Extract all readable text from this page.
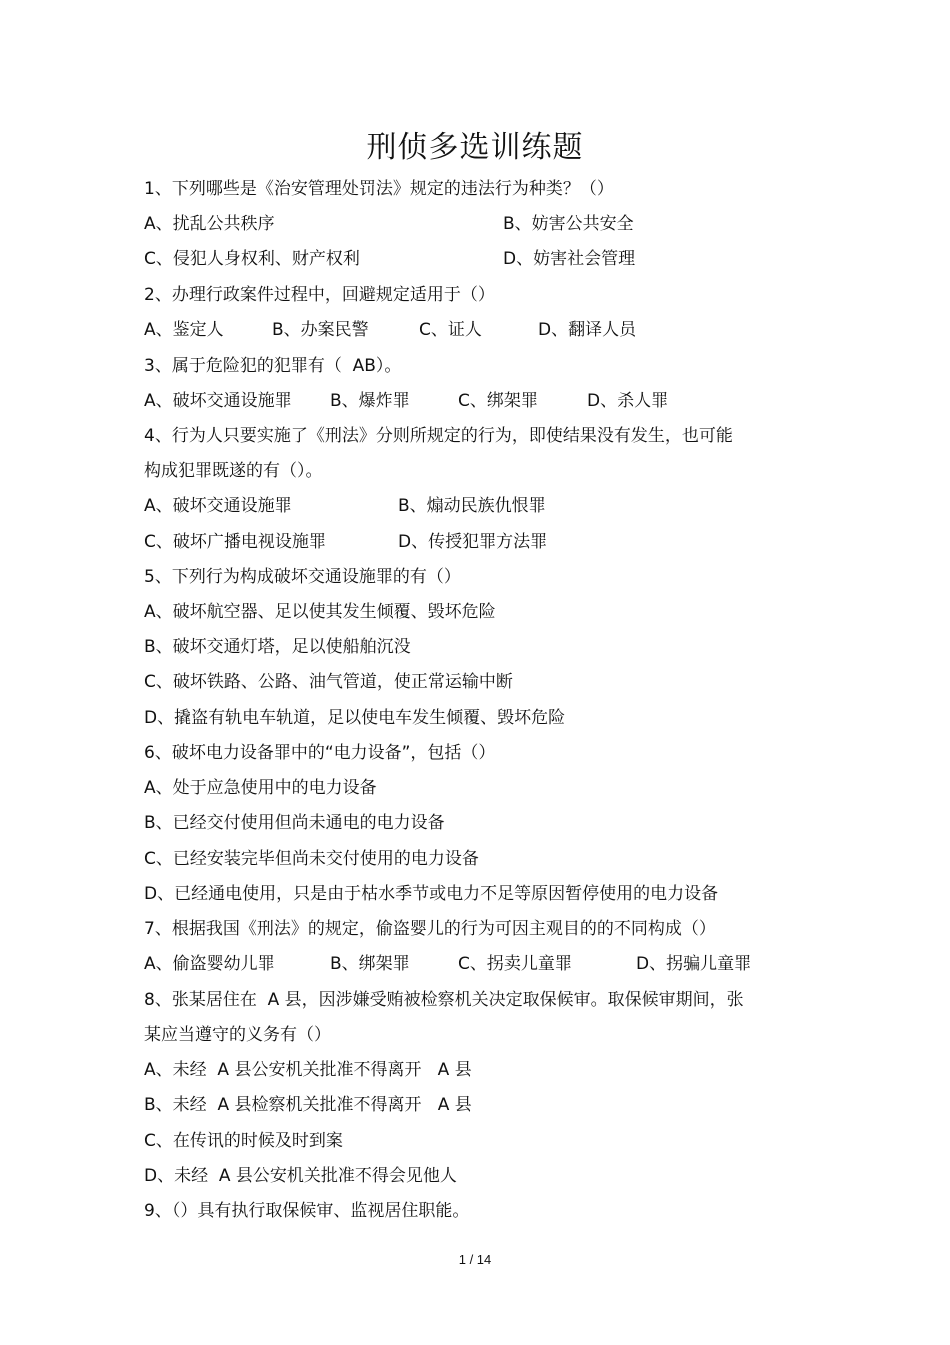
刑侦多选训练题
1、下列哪些是《治安管理处罚法》规定的违法行为种类？（）
A、扰乱公共秩序	B、妨害公共安全
C、侵犯人身权利、财产权利	D、妨害社会管理
2、办理行政案件过程中，回避规定适用于（）
A、鉴定人	B、办案民警	C、证人	D、翻译人员
3、属于危险犯的犯罪有（  AB）。
A、破坏交通设施罪 B、爆炸罪	C、绑架罪	D、杀人罪
4、行为人只要实施了《刑法》分则所规定的行为，即使结果没有发生，也可能
构成犯罪既遂的有（）。
A、破坏交通设施罪	B、煽动民族仇恨罪
C、破坏广播电视设施罪	D、传授犯罪方法罪
5、下列行为构成破坏交通设施罪的有（）
A、破坏航空器、足以使其发生倾覆、毁坏危险
B、破坏交通灯塔，足以使船舶沉没
C、破坏铁路、公路、油气管道，使正常运输中断
D、撬盗有轨电车轨道，足以使电车发生倾覆、毁坏危险
6、破坏电力设备罪中的“电力设备”，包括（）
A、处于应急使用中的电力设备
B、已经交付使用但尚未通电的电力设备
C、已经安装完毕但尚未交付使用的电力设备
D、已经通电使用，只是由于枯水季节或电力不足等原因暂停使用的电力设备
7、根据我国《刑法》的规定，偷盗婴儿的行为可因主观目的的不同构成（）
A、偷盗婴幼儿罪	B、绑架罪	C、拐卖儿童罪	D、拐骗儿童罪
8、张某居住在  A 县，因涉嫌受贿被检察机关决定取保候审。取保候审期间，张
某应当遵守的义务有（）
A、未经  A 县公安机关批准不得离开   A 县
B、未经  A 县检察机关批准不得离开   A 县
C、在传讯的时候及时到案
D、未经  A 县公安机关批准不得会见他人
9、（）具有执行取保候审、监视居住职能。
1 / 14
